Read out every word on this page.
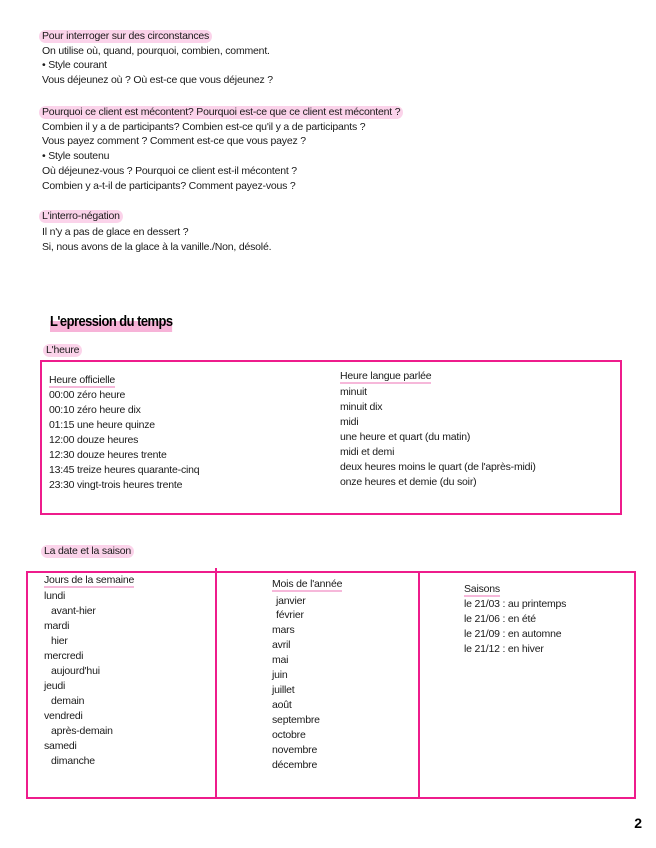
Pour interroger sur des circonstances
On utilise où, quand, pourquoi, combien, comment.
• Style courant
Vous déjeunez où ? Où est-ce que vous déjeunez ?
Pourquoi ce client est mécontent? Pourquoi est-ce que ce client est mécontent ?
Combien il y a de participants? Combien est-ce qu'il y a de participants ?
Vous payez comment ? Comment est-ce que vous payez ?
• Style soutenu
Où déjeunez-vous ? Pourquoi ce client est-il mécontent ?
Combien y a-t-il de participants? Comment payez-vous ?
L'interro-négation
Il n'y a pas de glace en dessert ?
Si, nous avons de la glace à la vanille./Non, désolé.
L'epression du temps
L'heure
Heure officielle
00:00 zéro heure
00:10 zéro heure dix
01:15 une heure quinze
12:00 douze heures
12:30 douze heures trente
13:45 treize heures quarante-cinq
23:30 vingt-trois heures trente
Heure langue parlée
minuit
minuit dix
midi
une heure et quart (du matin)
midi et demi
deux heures moins le quart (de l'après-midi)
onze heures et demie (du soir)
La date et la saison
Jours de la semaine
lundi
avant-hier
mardi
hier
mercredi
aujourd'hui
jeudi
demain
vendredi
après-demain
samedi
dimanche
Mois de l'année
janvier
février
mars
avril
mai
juin
juillet
août
septembre
octobre
novembre
décembre
Saisons
le 21/03 : au printemps
le 21/06 : en été
le 21/09 : en automne
le 21/12 : en hiver
2
